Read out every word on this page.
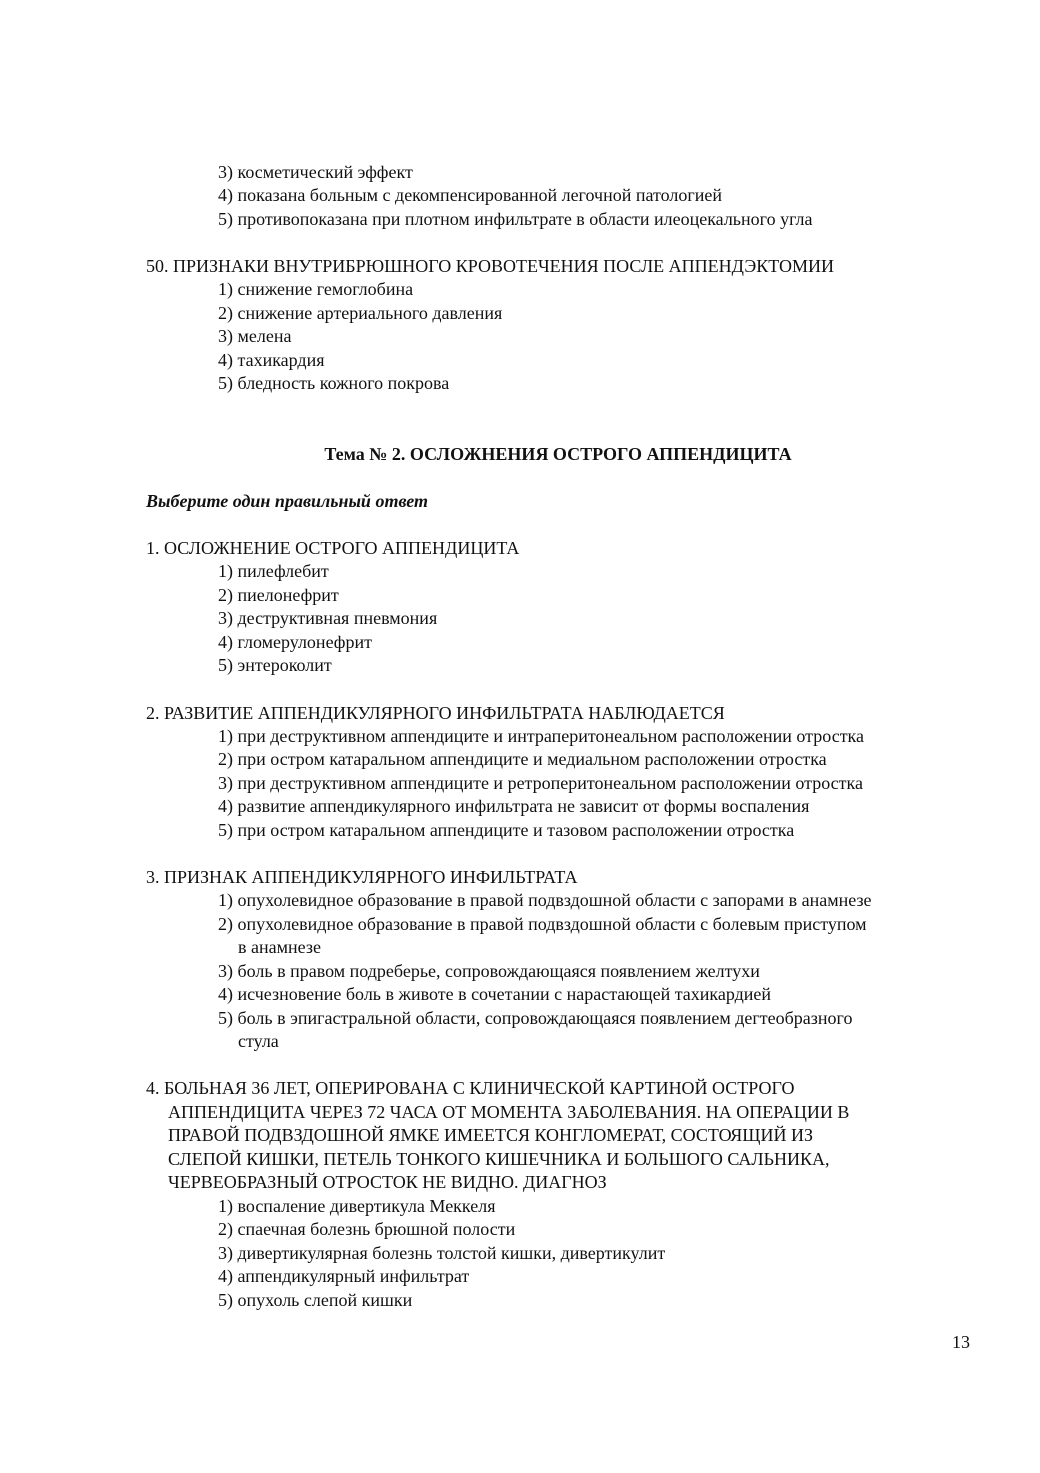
3) косметический эффект
4) показана больным с декомпенсированной легочной патологией
5) противопоказана при плотном инфильтрате в области илеоцекального угла
50. ПРИЗНАКИ ВНУТРИБРЮШНОГО КРОВОТЕЧЕНИЯ ПОСЛЕ АППЕНДЭКТОМИИ
1) снижение гемоглобина
2) снижение артериального давления
3) мелена
4) тахикардия
5) бледность кожного покрова
Тема № 2. ОСЛОЖНЕНИЯ ОСТРОГО АППЕНДИЦИТА
Выберите один правильный ответ
1. ОСЛОЖНЕНИЕ ОСТРОГО АППЕНДИЦИТА
1) пилефлебит
2) пиелонефрит
3) деструктивная пневмония
4) гломерулонефрит
5) энтероколит
2. РАЗВИТИЕ АППЕНДИКУЛЯРНОГО ИНФИЛЬТРАТА НАБЛЮДАЕТСЯ
1) при деструктивном аппендиците и интраперитонеальном расположении отростка
2) при остром катаральном аппендиците и медиальном расположении отростка
3) при деструктивном аппендиците и ретроперитонеальном расположении отростка
4) развитие аппендикулярного инфильтрата не зависит от формы воспаления
5) при остром катаральном аппендиците и тазовом расположении отростка
3. ПРИЗНАК АППЕНДИКУЛЯРНОГО ИНФИЛЬТРАТА
1) опухолевидное образование в правой подвздошной области с запорами в анамнезе
2) опухолевидное образование в правой подвздошной области с болевым приступом
в анамнезе
3) боль в правом подреберье, сопровождающаяся появлением желтухи
4) исчезновение боль в животе в сочетании с нарастающей тахикардией
5) боль в эпигастральной области, сопровождающаяся появлением дегтеобразного
стула
4. БОЛЬНАЯ 36 ЛЕТ, ОПЕРИРОВАНА С КЛИНИЧЕСКОЙ КАРТИНОЙ ОСТРОГО
АППЕНДИЦИТА ЧЕРЕЗ 72 ЧАСА ОТ МОМЕНТА ЗАБОЛЕВАНИЯ. НА ОПЕРАЦИИ В
ПРАВОЙ ПОДВЗДОШНОЙ ЯМКЕ ИМЕЕТСЯ КОНГЛОМЕРАТ, СОСТОЯЩИЙ ИЗ
СЛЕПОЙ КИШКИ, ПЕТЕЛЬ ТОНКОГО КИШЕЧНИКА И БОЛЬШОГО САЛЬНИКА,
ЧЕРВЕОБРАЗНЫЙ ОТРОСТОК НЕ ВИДНО. ДИАГНОЗ
1) воспаление дивертикула Меккеля
2) спаечная болезнь брюшной полости
3) дивертикулярная болезнь толстой кишки, дивертикулит
4) аппендикулярный инфильтрат
5) опухоль слепой кишки
13
